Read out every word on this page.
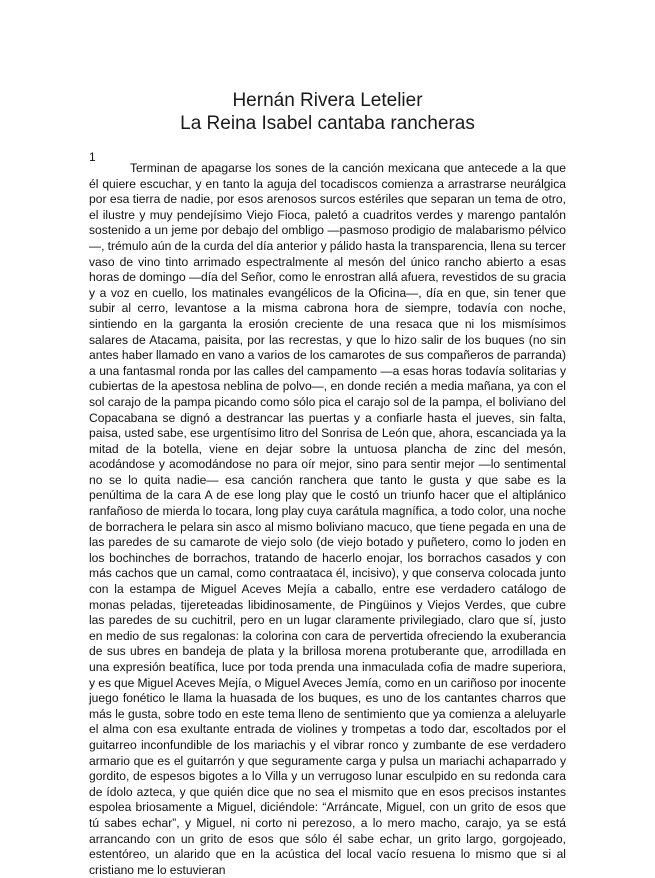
Hernán Rivera Letelier

La Reina Isabel cantaba rancheras

1

Terminan de apagarse los sones de la canción mexicana que antecede a la que él quiere escuchar, y en tanto la aguja del tocadiscos comienza a arrastrarse neurálgica por esa tierra de nadie, por esos arenosos surcos estériles que separan un tema de otro, el ilustre y muy pendejísimo Viejo Fioca, paletó a cuadritos verdes y marengo pantalón sostenido a un jeme por debajo del ombligo —pasmoso prodigio de malabarismo pélvico—, trémulo aún de la curda del día anterior y pálido hasta la transparencia, llena su tercer vaso de vino tinto arrimado espectralmente al mesón del único rancho abierto a esas horas de domingo —día del Señor, como le enrostran allá afuera, revestidos de su gracia y a voz en cuello, los matinales evangélicos de la Oficina—, día en que, sin tener que subir al cerro, levantose a la misma cabrona hora de siempre, todavía con noche, sintiendo en la garganta la erosión creciente de una resaca que ni los mismísimos salares de Atacama, paisita, por las recrestas, y que lo hizo salir de los buques (no sin antes haber llamado en vano a varios de los camarotes de sus compañeros de parranda) a una fantasmal ronda por las calles del campamento —a esas horas todavía solitarias y cubiertas de la apestosa neblina de polvo—, en donde recién a media mañana, ya con el sol carajo de la pampa picando como sólo pica el carajo sol de la pampa, el boliviano del Copacabana se dignó a destrancar las puertas y a confiarle hasta el jueves, sin falta, paisa, usted sabe, ese urgentísimo litro del Sonrisa de León que, ahora, escanciada ya la mitad de la botella, viene en dejar sobre la untuosa plancha de zinc del mesón, acodándose y acomodándose no para oír mejor, sino para sentir mejor —lo sentimental no se lo quita nadie— esa canción ranchera que tanto le gusta y que sabe es la penúltima de la cara A de ese long play que le costó un triunfo hacer que el altiplánico ranfañoso de mierda lo tocara, long play cuya carátula magnífica, a todo color, una noche de borrachera le pelara sin asco al mismo boliviano macuco, que tiene pegada en una de las paredes de su camarote de viejo solo (de viejo botado y puñetero, como lo joden en los bochinches de borrachos, tratando de hacerlo enojar, los borrachos casados y con más cachos que un camal, como contraataca él, incisivo), y que conserva colocada junto con la estampa de Miguel Aceves Mejía a caballo, entre ese verdadero catálogo de monas peladas, tijereteadas libidinosamente, de Pingüinos y Viejos Verdes, que cubre las paredes de su cuchitril, pero en un lugar claramente privilegiado, claro que sí, justo en medio de sus regalonas: la colorina con cara de pervertida ofreciendo la exuberancia de sus ubres en bandeja de plata y la brillosa morena protuberante que, arrodillada en una expresión beatífica, luce por toda prenda una inmaculada cofia de madre superiora, y es que Miguel Aceves Mejía, o Miguel Aveces Jemía, como en un cariñoso por inocente juego fonético le llama la huasada de los buques, es uno de los cantantes charros que más le gusta, sobre todo en este tema lleno de sentimiento que ya comienza a aleluyarle el alma con esa exultante entrada de violines y trompetas a todo dar, escoltados por el guitarreo inconfundible de los mariachis y el vibrar ronco y zumbante de ese verdadero armario que es el guitarrón y que seguramente carga y pulsa un mariachi achaparrado y gordito, de espesos bigotes a lo Villa y un verrugoso lunar esculpido en su redonda cara de ídolo azteca, y que quién dice que no sea el mismito que en esos precisos instantes espolea briosamente a Miguel, diciéndole: “Arráncate, Miguel, con un grito de esos que tú sabes echar”, y Miguel, ni corto ni perezoso, a lo mero macho, carajo, ya se está arrancando con un grito de esos que sólo él sabe echar, un grito largo, gorgojeado, estentóreo, un alarido que en la acústica del local vacío resuena lo mismo que si al cristiano me lo estuvieran
